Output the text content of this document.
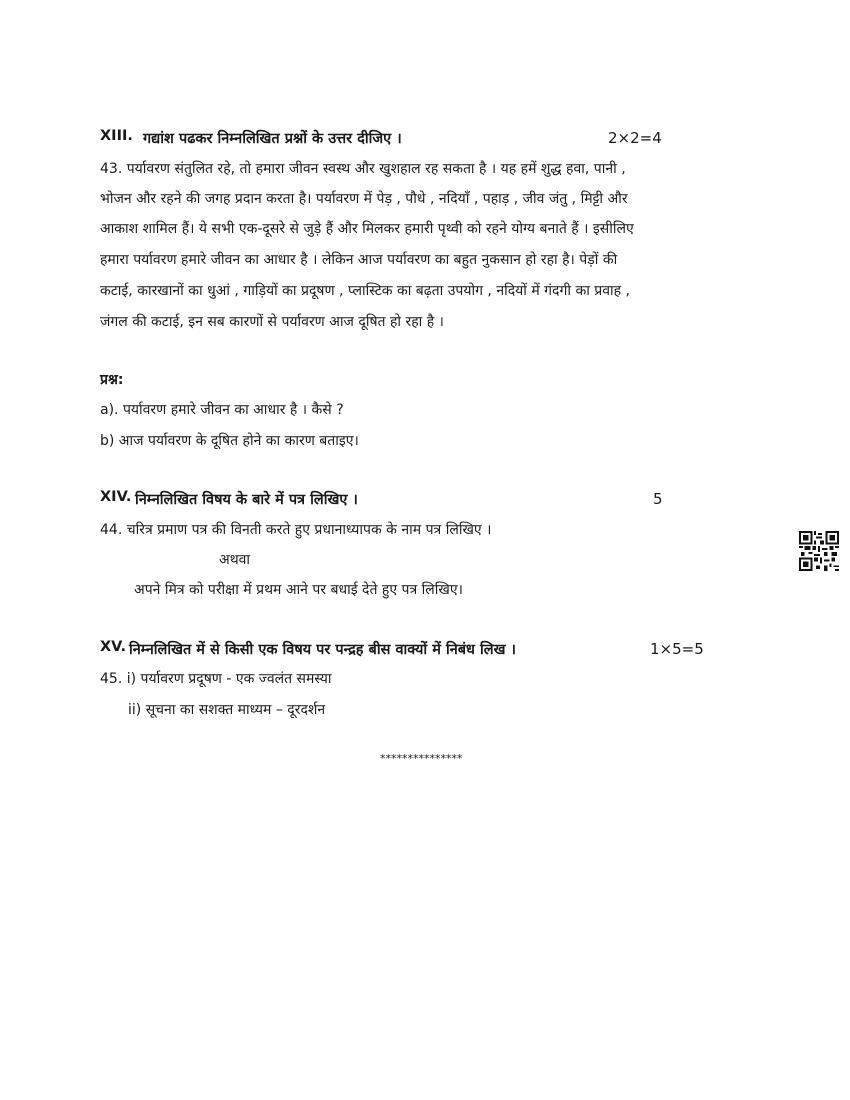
XIII. गद्यांश पढकर निम्नलिखित प्रश्नों के उत्तर दीजिए ।	2×2=4
43. पर्यावरण संतुलित रहे, तो हमारा जीवन स्वस्थ और खुशहाल रह सकता है । यह हमें शुद्ध हवा, पानी ,
भोजन और रहने की जगह प्रदान करता है। पर्यावरण में पेड़ , पौधे , नदियाँ , पहाड़ , जीव जंतु , मिट्टी और
आकाश शामिल हैं। ये सभी एक-दूसरे से जुड़े हैं और मिलकर हमारी पृथ्वी को रहने योग्य बनाते हैं । इसीलिए
हमारा पर्यावरण हमारे जीवन का आधार है । लेकिन आज पर्यावरण का बहुत नुकसान हो रहा है। पेड़ों की
कटाई, कारखानों का धुआं , गाड़ियों का प्रदूषण , प्लास्टिक का बढ़ता उपयोग , नदियों में गंदगी का प्रवाह ,
जंगल की कटाई, इन सब कारणों से पर्यावरण आज दूषित हो रहा है ।
प्रश्न:
a). पर्यावरण हमारे जीवन का आधार है । कैसे ?
b) आज पर्यावरण के दूषित होने का कारण बताइए।
XIV. निम्नलिखित विषय के बारे में पत्र लिखिए ।	5
44. चरित्र प्रमाण पत्र की विनती करते हुए प्रधानाध्यापक के नाम पत्र लिखिए ।
अथवा
अपने मित्र को परीक्षा में प्रथम आने पर बधाई देते हुए पत्र लिखिए।
XV. निम्नलिखित में से किसी एक विषय पर पन्द्रह बीस वाक्यों में निबंध लिख ।	1×5=5
45. i) पर्यावरण प्रदूषण - एक ज्वलंत समस्या
ii) सूचना का सशक्त माध्यम – दूरदर्शन
***************
